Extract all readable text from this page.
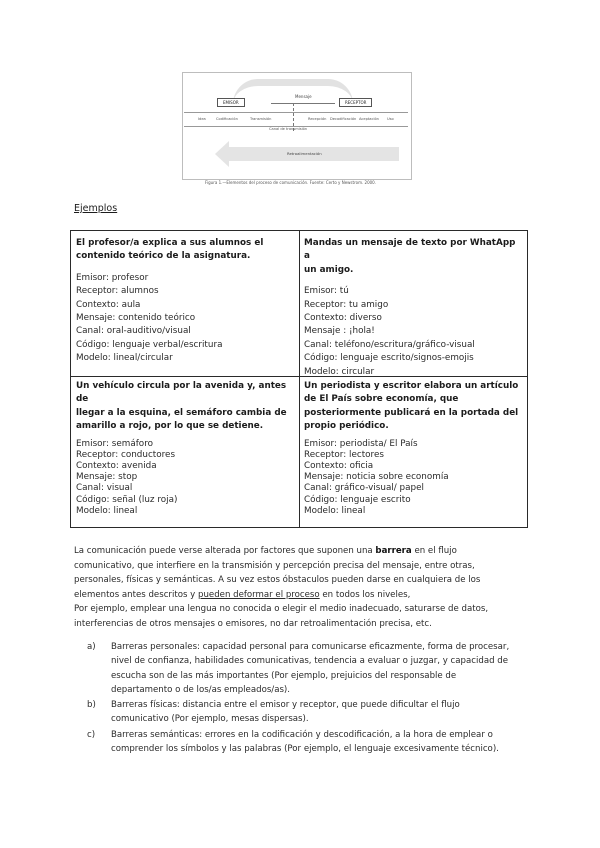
EMISOR	RECEPTOR
Mensaje
Idea	Codificación	Transmisión	Recepción Decodificación Aceptación Uso
Canal de transmisión
Retroalimentación
Figura 1.—Elementos del proceso de comunicación. Fuente: Certo y Newstrom. 2000.
Ejemplos
El profesor/a explica a sus alumnos el
contenido teórico de la asignatura.
Emisor: profesor
Receptor: alumnos
Contexto: aula
Mensaje: contenido teórico
Canal: oral-auditivo/visual
Código: lenguaje verbal/escritura
Modelo: lineal/circular
Mandas un mensaje de texto por WhatApp a
un amigo.
Emisor: tú
Receptor: tu amigo
Contexto: diverso
Mensaje : ¡hola!
Canal: teléfono/escritura/gráfico-visual
Código: lenguaje escrito/signos-emojis
Modelo: circular
Un vehículo circula por la avenida y, antes de
llegar a la esquina, el semáforo cambia de
amarillo a rojo, por lo que se detiene.
Emisor: semáforo
Receptor: conductores
Contexto: avenida
Mensaje: stop
Canal: visual
Código: señal (luz roja)
Modelo: lineal
Un periodista y escritor elabora un artículo
de El País sobre economía, que
posteriormente publicará en la portada del
propio periódico.
Emisor: periodista/ El País
Receptor: lectores
Contexto: oficia
Mensaje: noticia sobre economía
Canal: gráfico-visual/ papel
Código: lenguaje escrito
Modelo: lineal
La comunicación puede verse alterada por factores que suponen una barrera en el flujo
comunicativo, que interfiere en la transmisión y percepción precisa del mensaje, entre otras,
personales, físicas y semánticas. A su vez estos óbstaculos pueden darse en cualquiera de los
elementos antes descritos y pueden deformar el proceso en todos los niveles,
Por ejemplo, emplear una lengua no conocida o elegir el medio inadecuado, saturarse de datos,
interferencias de otros mensajes o emisores, no dar retroalimentación precisa, etc.
a)	Barreras personales: capacidad personal para comunicarse eficazmente, forma de procesar,
nivel de confianza, habilidades comunicativas, tendencia a evaluar o juzgar, y capacidad de
escucha son de las más importantes (Por ejemplo, prejuicios del responsable de
departamento o de los/as empleados/as).
b)	Barreras físicas: distancia entre el emisor y receptor, que puede dificultar el flujo
comunicativo (Por ejemplo, mesas dispersas).
c)	Barreras semánticas: errores en la codificación y descodificación, a la hora de emplear o
comprender los símbolos y las palabras (Por ejemplo, el lenguaje excesivamente técnico).
